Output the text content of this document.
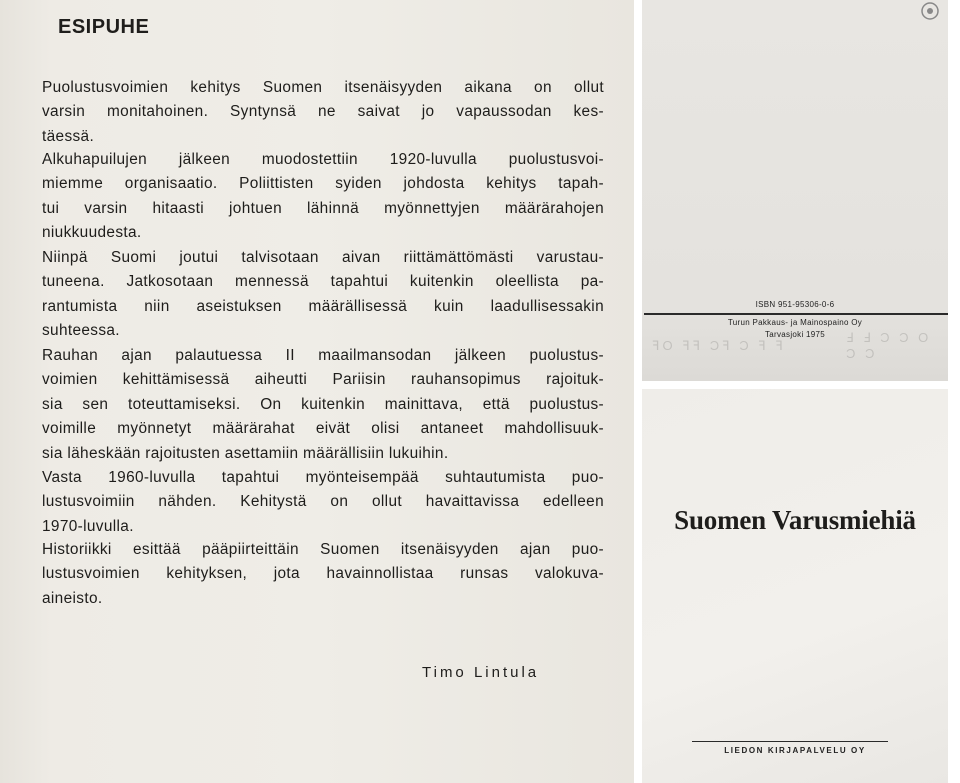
ESIPUHE

Puolustusvoimien kehitys Suomen itsenäisyyden aikana on ollut
varsin monitahoinen. Syntynsä ne saivat jo vapaussodan kes-
täessä.

Alkuhapuilujen jälkeen muodostettiin 1920-luvulla puolustusvoi-
miemme organisaatio. Poliittisten syiden johdosta kehitys tapah-
tui varsin hitaasti johtuen lähinnä myönnettyjen määrärahojen
niukkuudesta.

Niinpä Suomi joutui talvisotaan aivan riittämättömästi varustau-
tuneena. Jatkosotaan mennessä tapahtui kuitenkin oleellista pa-
rantumista niin aseistuksen määrällisessä kuin laadullisessakin
suhteessa.

Rauhan ajan palautuessa II maailmansodan jälkeen puolustus-
voimien kehittämisessä aiheutti Pariisin rauhansopimus rajoituk-
sia sen toteuttamiseksi. On kuitenkin mainittava, että puolustus-
voimille myönnetyt määrärahat eivät olisi antaneet mahdollisuuk-
sia läheskään rajoitusten asettamiin määrällisiin lukuihin.

Vasta 1960-luvulla tapahtui myönteisempää suhtautumista puo-
lustusvoimiin nähden. Kehitystä on ollut havaittavissa edelleen
1970-luvulla.

Historiikki esittää pääpiirteittäin Suomen itsenäisyyden ajan puo-
lustusvoimien kehityksen, jota havainnollistaa runsas valokuva-
aineisto.

Timo Lintula

ISBN 951-95306-0-6
Turun Pakkaus- ja Mainospaino Oy
Tarvasjoki 1975	Ⅎ Ⅎ Ɔ Ɔ O Ɔ Ɔ
ꟻO ꟻꟻ Ɔꟻ Ɔ ꟻ ꟻ
Suomen Varusmiehiä
LIEDON KIRJAPALVELU OY
